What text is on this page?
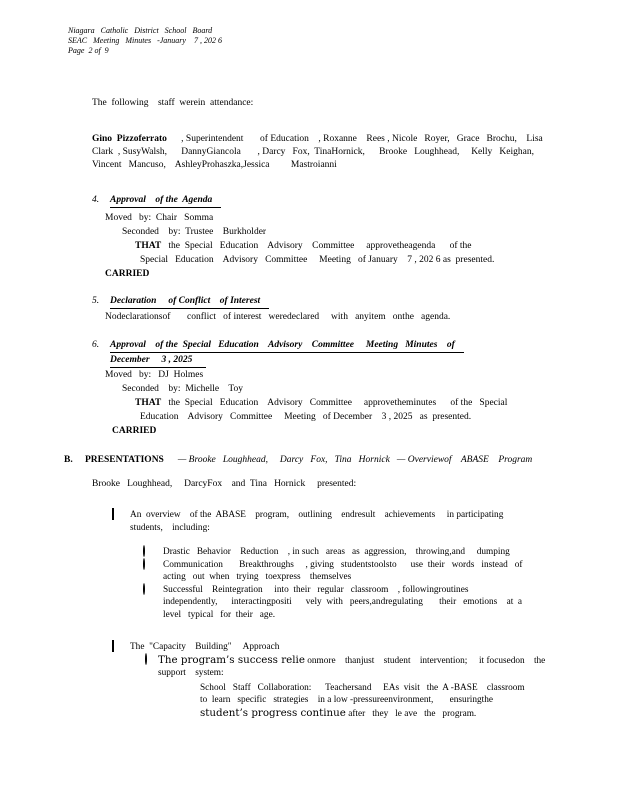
Niagara   Catholic   District   School   Board
SEAC   Meeting   Minutes   -January    7 , 202 6
Page  2 of  9
The  following    staff  werein  attendance:
Gino  Pizzoferrato      , Superintendent       of Education    , Roxanne    Rees , Nicole   Royer,   Grace   Brochu,    Lisa
Clark  , SusyWalsh,      DannyGiancola       , Darcy   Fox,  TinaHornick,      Brooke   Loughhead,     Kelly   Keighan,
Vincent   Mancuso,    AshleyProhaszka,Jessica         Mastroianni
4. Approval    of the  Agenda
Moved   by:  Chair   Somma
Seconded    by:  Trustee    Burkholder
THAT   the  Special   Education    Advisory    Committee     approvetheagenda      of the
Special   Education    Advisory   Committee     Meeting   of January    7 , 202 6 as  presented.
CARRIED
5. Declaration     of Conflict    of Interest
Nodeclarationsof       conflict   of interest   weredeclared     with   anyitem   onthe   agenda.
6. Approval    of the  Special   Education    Advisory    Committee     Meeting   Minutes    of
December     3 , 2025
Moved   by:   DJ  Holmes
Seconded    by:  Michelle    Toy
THAT   the  Special   Education    Advisory   Committee     approvetheminutes      of the   Special
Education    Advisory   Committee     Meeting   of December    3 , 2025   as  presented.
CARRIED
B. PRESENTATIONS — Brooke   Loughhead,     Darcy   Fox,   Tina   Hornick   — Overviewof    ABASE    Program
Brooke   Loughhead,     DarcyFox    and  Tina   Hornick     presented:
An  overview    of the  ABASE    program,    outlining    endresult    achievements     in participating
students,    including:
Drastic   Behavior    Reduction    , in such   areas   as  aggression,    throwing,and     dumping
Communication       Breakthroughs     , giving   studentstoolsto      use  their   words   instead   of
acting   out  when   trying   toexpress    themselves
Successful    Reintegration     into  their   regular   classroom    , followingroutines
independently,      interactingpositi      vely  with   peers,andregulating       their   emotions    at  a
level   typical   for  their   age.
The  "Capacity    Building"     Approach
The program’s success relie onmore    thanjust    student    intervention;     it focusedon    the
support    system:
School   Staff   Collaboration:      Teachersand     EAs  visit   the  A -BASE    classroom
to  learn   specific   strategies    in a low -pressureenvironment,       ensuringthe
student’s progress continue after   they   le ave   the   program.
